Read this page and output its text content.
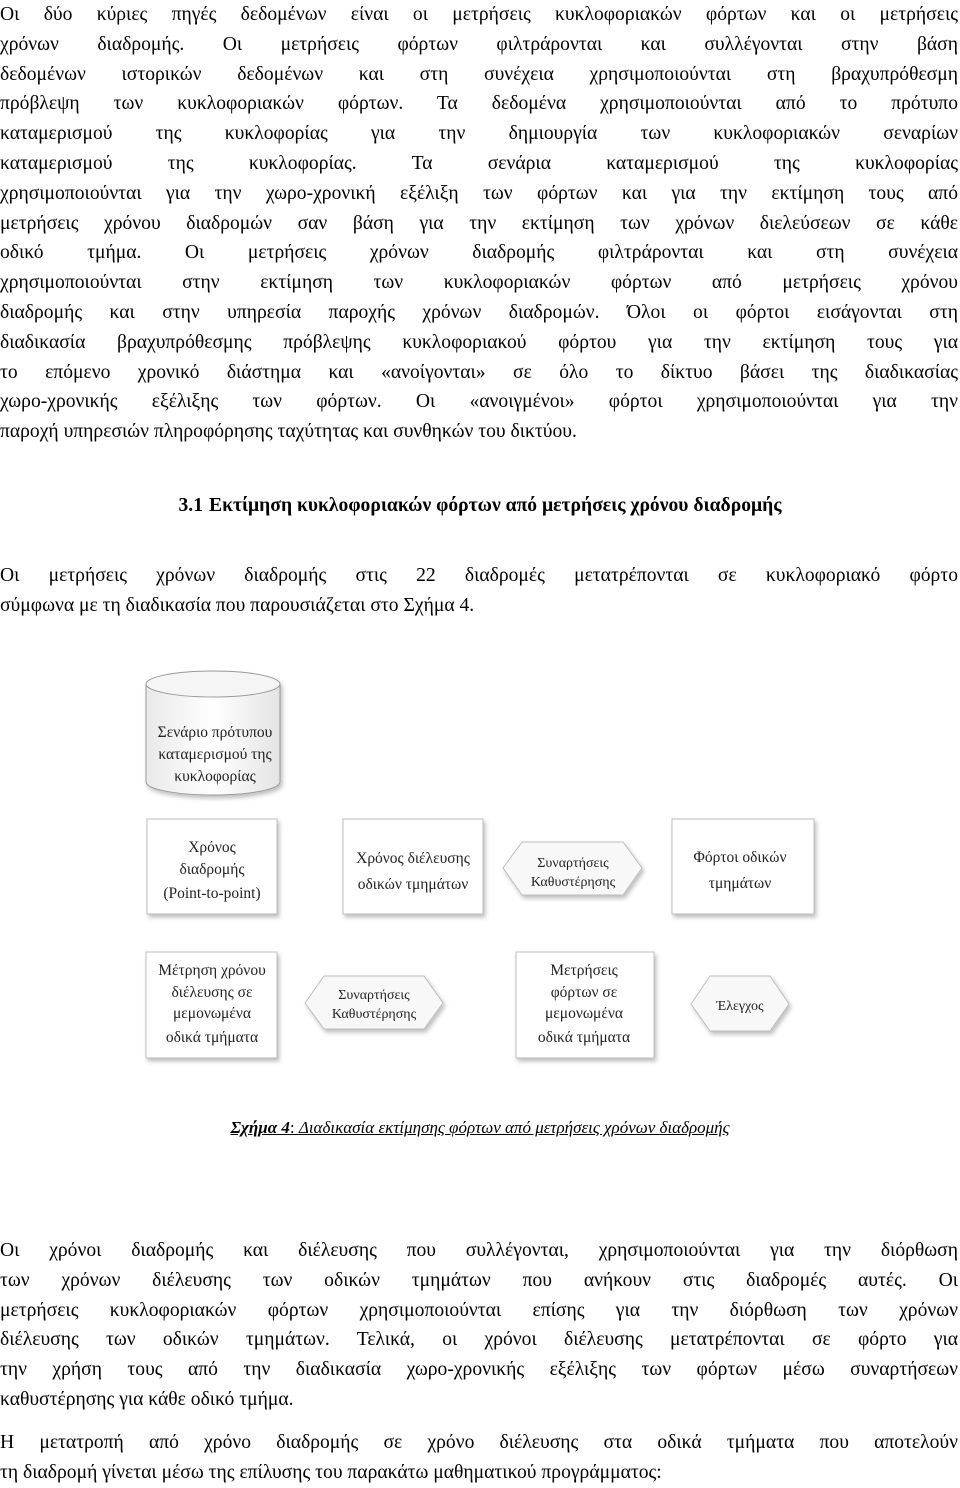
Οι δύο κύριες πηγές δεδομένων είναι οι μετρήσεις κυκλοφοριακών φόρτων και οι μετρήσεις
χρόνων διαδρομής. Οι μετρήσεις φόρτων φιλτράρονται και συλλέγονται στην βάση
δεδομένων ιστορικών δεδομένων και στη συνέχεια χρησιμοποιούνται στη βραχυπρόθεσμη
πρόβλεψη των κυκλοφοριακών φόρτων. Τα δεδομένα χρησιμοποιούνται από το πρότυπο
καταμερισμού της κυκλοφορίας για την δημιουργία των κυκλοφοριακών σεναρίων
καταμερισμού της κυκλοφορίας. Τα σενάρια καταμερισμού της κυκλοφορίας
χρησιμοποιούνται για την χωρο-χρονική εξέλιξη των φόρτων και για την εκτίμηση τους από
μετρήσεις χρόνου διαδρομών σαν βάση για την εκτίμηση των χρόνων διελεύσεων σε κάθε
οδικό τμήμα. Οι μετρήσεις χρόνων διαδρομής φιλτράρονται και στη συνέχεια
χρησιμοποιούνται στην εκτίμηση των κυκλοφοριακών φόρτων από μετρήσεις χρόνου
διαδρομής και στην υπηρεσία παροχής χρόνων διαδρομών. Όλοι οι φόρτοι εισάγονται στη
διαδικασία βραχυπρόθεσμης πρόβλεψης κυκλοφοριακού φόρτου για την εκτίμηση τους για
το επόμενο χρονικό διάστημα και «ανοίγονται» σε όλο το δίκτυο βάσει της διαδικασίας
χωρο-χρονικής εξέλιξης των φόρτων. Οι «ανοιγμένοι» φόρτοι χρησιμοποιούνται για την
παροχή υπηρεσιών πληροφόρησης ταχύτητας και συνθηκών του δικτύου.
3.1 Εκτίμηση κυκλοφοριακών φόρτων από μετρήσεις χρόνου διαδρομής
Οι μετρήσεις χρόνων διαδρομής στις 22 διαδρομές μετατρέπονται σε κυκλοφοριακό φόρτο
σύμφωνα με τη διαδικασία που παρουσιάζεται στο Σχήμα 4.
Σενάριο πρότυπου
καταμερισμού της
κυκλοφορίας
Χρόνος
διαδρομής
(Point-to-point)
Χρόνος διέλευσης
οδικών τμημάτων
Συναρτήσεις
Καθυστέρησης
Φόρτοι οδικών
τμημάτων
Μέτρηση χρόνου
διέλευσης σε
μεμονωμένα
οδικά τμήματα
Συναρτήσεις
Καθυστέρησης
Μετρήσεις
φόρτων σε
μεμονωμένα
οδικά τμήματα
Έλεγχος
Σχήμα 4: Διαδικασία εκτίμησης φόρτων από μετρήσεις χρόνων διαδρομής
Οι χρόνοι διαδρομής και διέλευσης που συλλέγονται, χρησιμοποιούνται για την διόρθωση
των χρόνων διέλευσης των οδικών τμημάτων που ανήκουν στις διαδρομές αυτές. Οι
μετρήσεις κυκλοφοριακών φόρτων χρησιμοποιούνται επίσης για την διόρθωση των χρόνων
διέλευσης των οδικών τμημάτων. Τελικά, οι χρόνοι διέλευσης μετατρέπονται σε φόρτο για
την χρήση τους από την διαδικασία χωρο-χρονικής εξέλιξης των φόρτων μέσω συναρτήσεων
καθυστέρησης για κάθε οδικό τμήμα.
Η μετατροπή από χρόνο διαδρομής σε χρόνο διέλευσης στα οδικά τμήματα που αποτελούν
τη διαδρομή γίνεται μέσω της επίλυσης του παρακάτω μαθηματικού προγράμματος:
